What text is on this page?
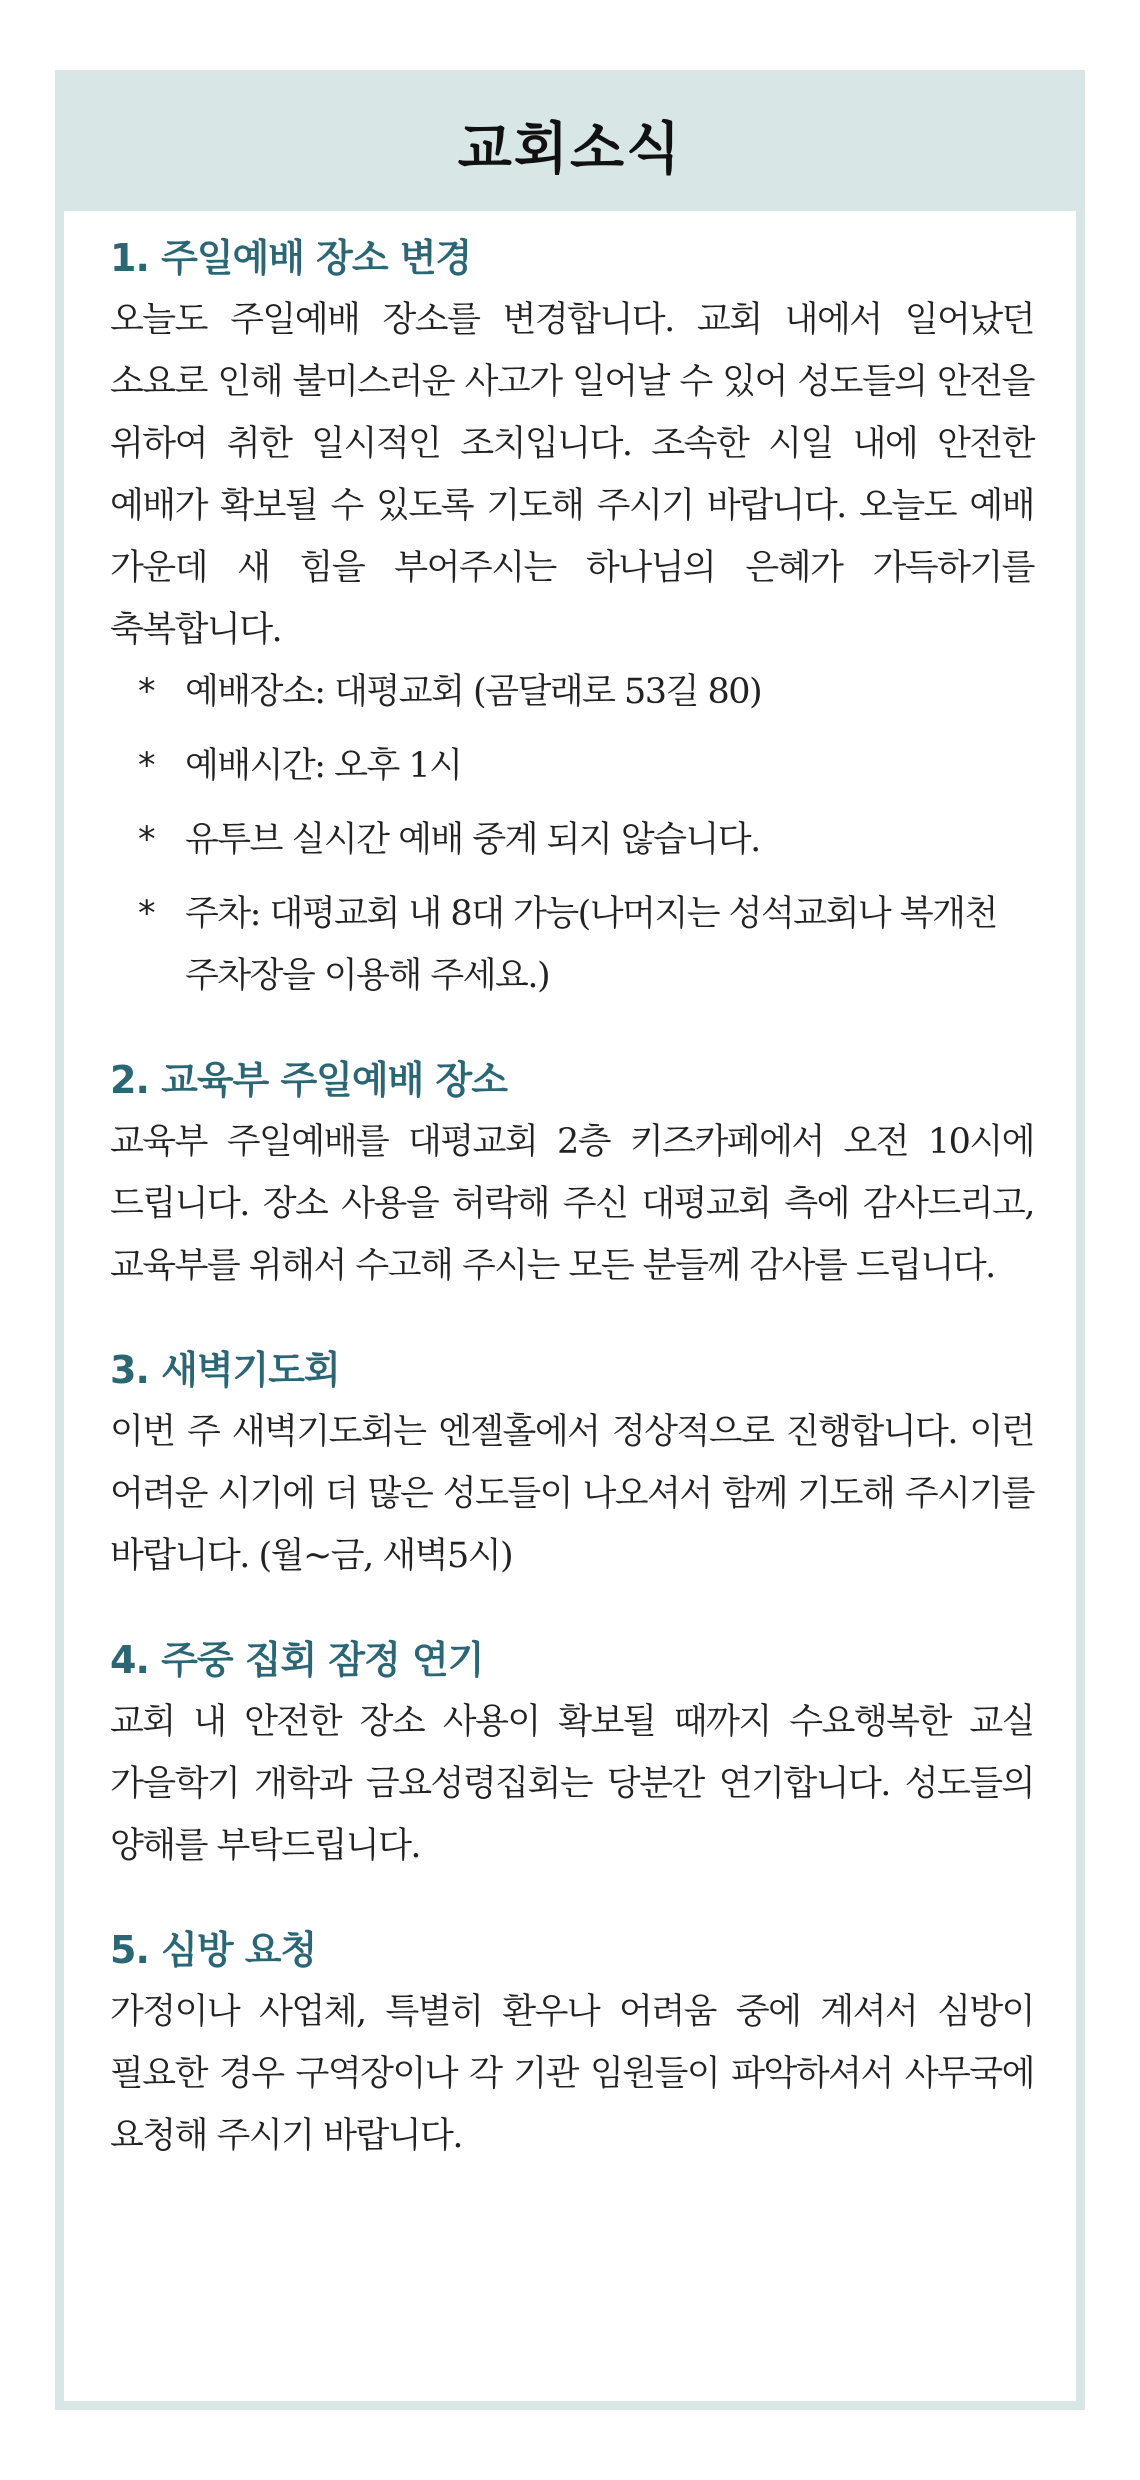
교회소식
1. 주일예배 장소 변경

오늘도 주일예배 장소를 변경합니다. 교회 내에서 일어났던 소요로 인해 불미스러운 사고가 일어날 수 있어 성도들의 안전을 위하여 취한 일시적인 조치입니다. 조속한 시일 내에 안전한 예배가 확보될 수 있도록 기도해 주시기 바랍니다. 오늘도 예배 가운데 새 힘을 부어주시는 하나님의 은혜가 가득하기를 축복합니다.

* 예배장소: 대평교회 (곰달래로 53길 80)
* 예배시간: 오후 1시
* 유투브 실시간 예배 중계 되지 않습니다.
* 주차: 대평교회 내 8대 가능(나머지는 성석교회나 복개천 주차장을 이용해 주세요.)
2. 교육부 주일예배 장소

교육부 주일예배를 대평교회 2층 키즈카페에서 오전 10시에 드립니다. 장소 사용을 허락해 주신 대평교회 측에 감사드리고, 교육부를 위해서 수고해 주시는 모든 분들께 감사를 드립니다.

3. 새벽기도회

이번 주 새벽기도회는 엔젤홀에서 정상적으로 진행합니다. 이런 어려운 시기에 더 많은 성도들이 나오셔서 함께 기도해 주시기를 바랍니다. (월~금, 새벽5시)

4. 주중 집회 잠정 연기

교회 내 안전한 장소 사용이 확보될 때까지 수요행복한 교실 가을학기 개학과 금요성령집회는 당분간 연기합니다. 성도들의 양해를 부탁드립니다.

5. 심방 요청

가정이나 사업체, 특별히 환우나 어려움 중에 계셔서 심방이 필요한 경우 구역장이나 각 기관 임원들이 파악하셔서 사무국에 요청해 주시기 바랍니다.
